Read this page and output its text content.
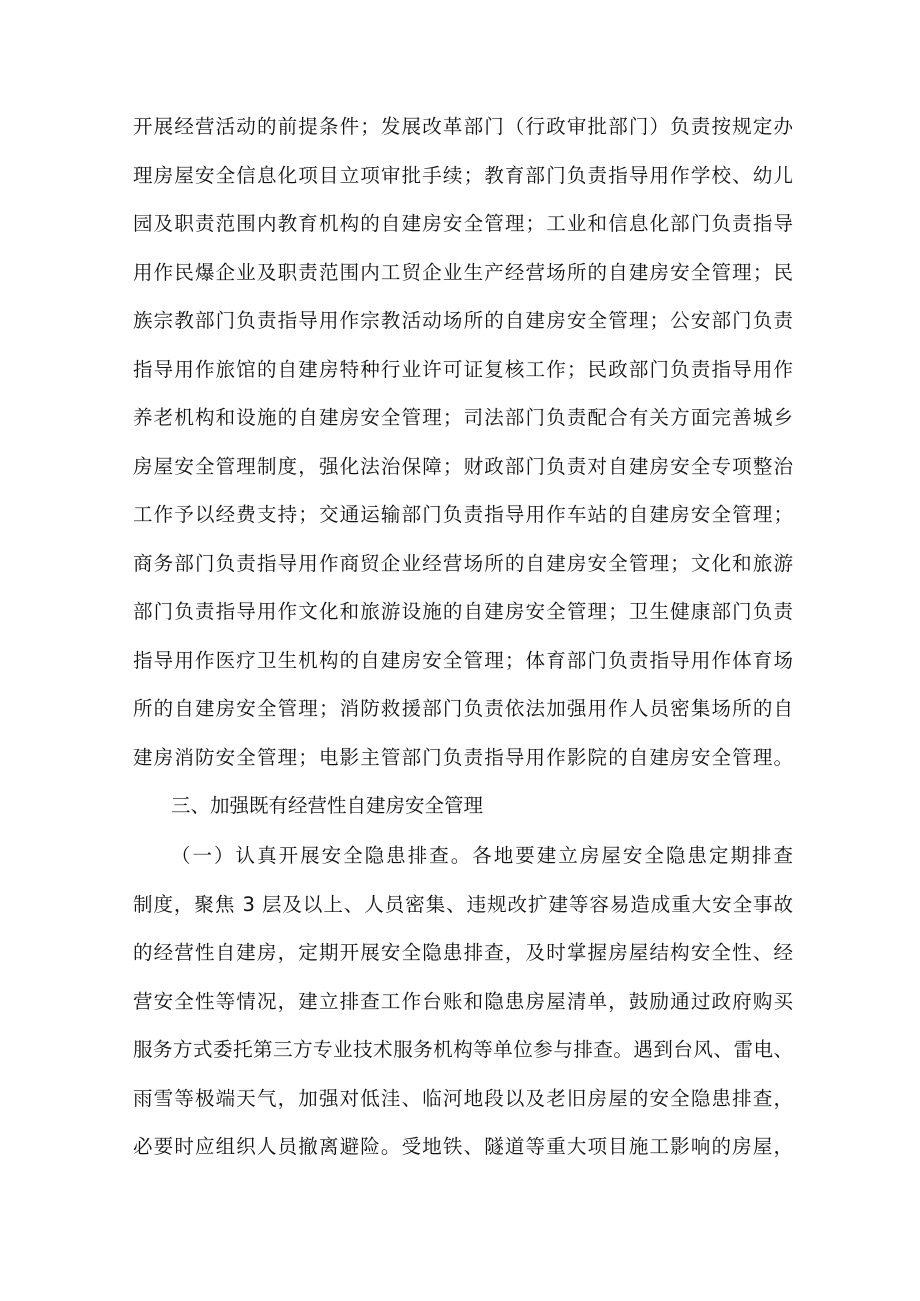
开展经营活动的前提条件；发展改革部门（行政审批部门）负责按规定办
理房屋安全信息化项目立项审批手续；教育部门负责指导用作学校、幼儿
园及职责范围内教育机构的自建房安全管理；工业和信息化部门负责指导
用作民爆企业及职责范围内工贸企业生产经营场所的自建房安全管理；民
族宗教部门负责指导用作宗教活动场所的自建房安全管理；公安部门负责
指导用作旅馆的自建房特种行业许可证复核工作；民政部门负责指导用作
养老机构和设施的自建房安全管理；司法部门负责配合有关方面完善城乡
房屋安全管理制度，强化法治保障；财政部门负责对自建房安全专项整治
工作予以经费支持；交通运输部门负责指导用作车站的自建房安全管理；
商务部门负责指导用作商贸企业经营场所的自建房安全管理；文化和旅游
部门负责指导用作文化和旅游设施的自建房安全管理；卫生健康部门负责
指导用作医疗卫生机构的自建房安全管理；体育部门负责指导用作体育场
所的自建房安全管理；消防救援部门负责依法加强用作人员密集场所的自
建房消防安全管理；电影主管部门负责指导用作影院的自建房安全管理。
三、加强既有经营性自建房安全管理
（一）认真开展安全隐患排查。各地要建立房屋安全隐患定期排查
制度，聚焦 3 层及以上、人员密集、违规改扩建等容易造成重大安全事故
的经营性自建房，定期开展安全隐患排查，及时掌握房屋结构安全性、经
营安全性等情况，建立排查工作台账和隐患房屋清单，鼓励通过政府购买
服务方式委托第三方专业技术服务机构等单位参与排查。遇到台风、雷电、
雨雪等极端天气，加强对低洼、临河地段以及老旧房屋的安全隐患排查，
必要时应组织人员撤离避险。受地铁、隧道等重大项目施工影响的房屋，
